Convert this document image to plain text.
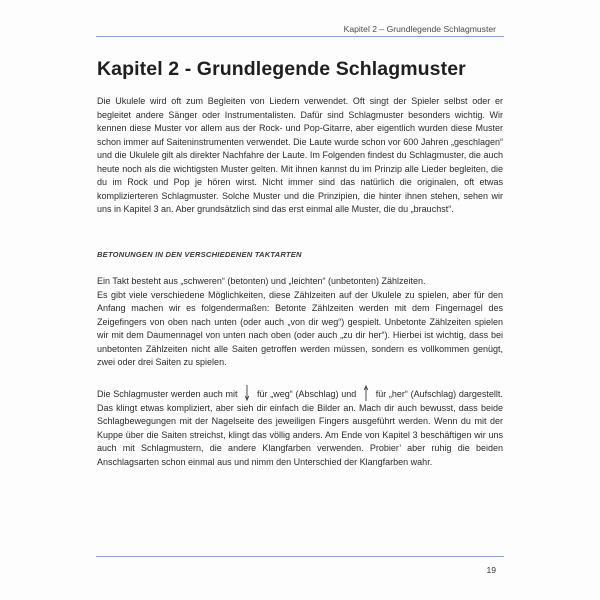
Kapitel 2 – Grundlegende Schlagmuster
Kapitel 2 - Grundlegende Schlagmuster

Die Ukulele wird oft zum Begleiten von Liedern verwendet. Oft singt der Spieler selbst oder er begleitet andere Sänger oder Instrumentalisten. Dafür sind Schlagmuster besonders wichtig. Wir kennen diese Muster vor allem aus der Rock- und Pop-Gitarre, aber eigentlich wurden diese Muster schon immer auf Saiteninstrumenten verwendet. Die Laute wurde schon vor 600 Jahren „geschlagen“ und die Ukulele gilt als direkter Nachfahre der Laute. Im Folgenden findest du Schlagmuster, die auch heute noch als die wichtigsten Muster gelten. Mit ihnen kannst du im Prinzip alle Lieder begleiten, die du im Rock und Pop je hören wirst. Nicht immer sind das natürlich die originalen, oft etwas komplizierteren Schlagmuster. Solche Muster und die Prinzipien, die hinter ihnen stehen, sehen wir uns in Kapitel 3 an. Aber grundsätzlich sind das erst einmal alle Muster, die du „brauchst“.

BETONUNGEN IN DEN VERSCHIEDENEN TAKTARTEN

Ein Takt besteht aus „schweren“ (betonten) und „leichten“ (unbetonten) Zählzeiten.
Es gibt viele verschiedene Möglichkeiten, diese Zählzeiten auf der Ukulele zu spielen, aber für den Anfang machen wir es folgendermaßen: Betonte Zählzeiten werden mit dem Fingernagel des Zeigefingers von oben nach unten (oder auch „von dir weg“) gespielt. Unbetonte Zählzeiten spielen wir mit dem Daumennagel von unten nach oben (oder auch „zu dir her“). Hierbei ist wichtig, dass bei unbetonten Zählzeiten nicht alle Saiten getroffen werden müssen, sondern es vollkommen genügt, zwei oder drei Saiten zu spielen.

Die Schlagmuster werden auch mit für „weg“ (Abschlag) und für „her“ (Aufschlag) dargestellt. Das klingt etwas kompliziert, aber sieh dir einfach die Bilder an. Mach dir auch bewusst, dass beide Schlagbewegungen mit der Nagelseite des jeweiligen Fingers ausgeführt werden. Wenn du mit der Kuppe über die Saiten streichst, klingt das völlig anders. Am Ende von Kapitel 3 beschäftigen wir uns auch mit Schlagmustern, die andere Klangfarben verwenden. Probier’ aber ruhig die beiden Anschlagsarten schon einmal aus und nimm den Unterschied der Klangfarben wahr.

19
